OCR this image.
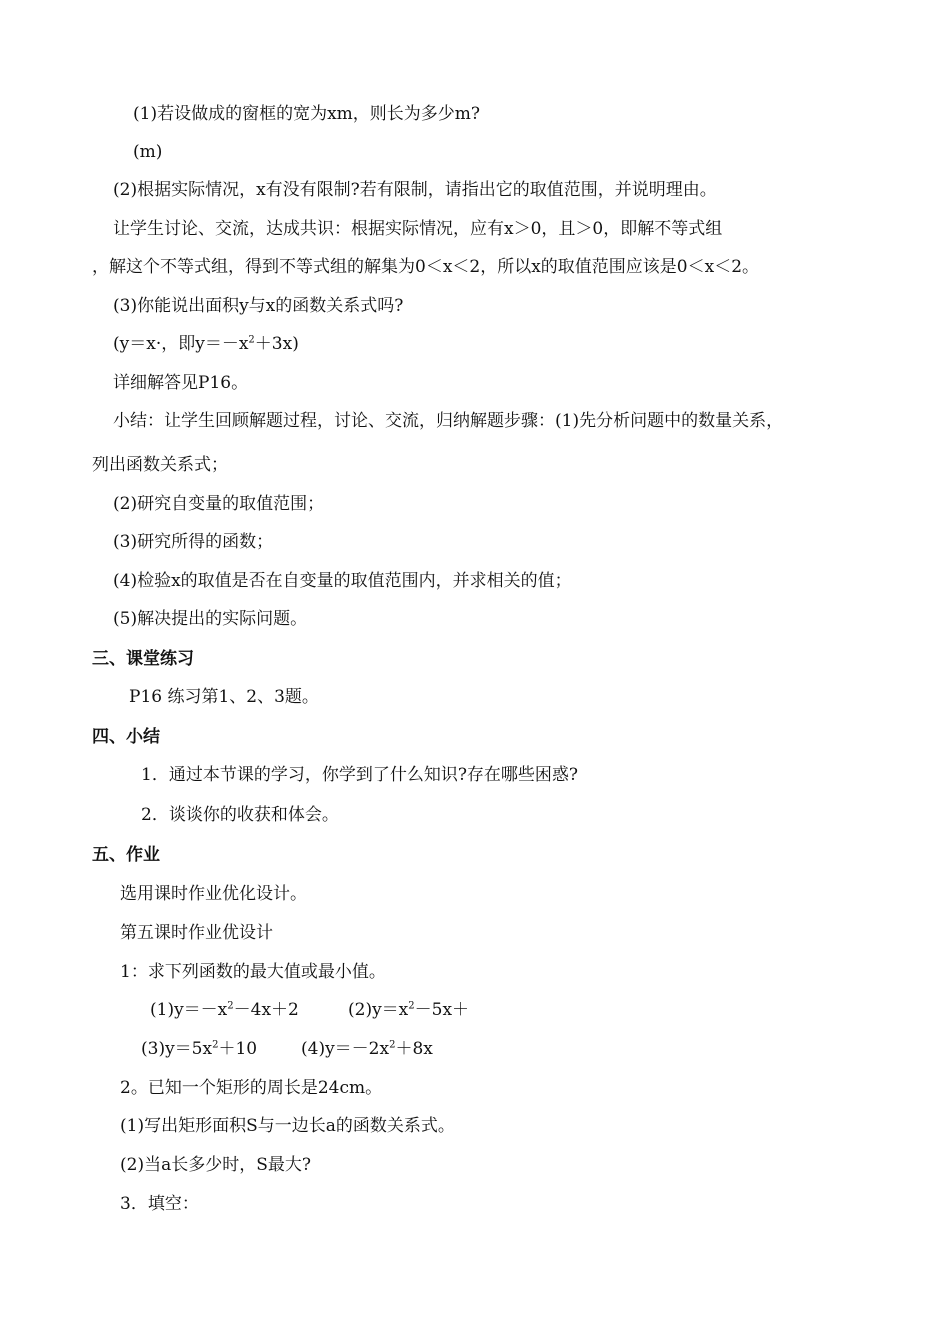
(1)若设做成的窗框的宽为xm，则长为多少m?
(m)
(2)根据实际情况，x有没有限制?若有限制，请指出它的取值范围，并说明理由。
让学生讨论、交流，达成共识：根据实际情况，应有x＞0，且＞0，即解不等式组
，解这个不等式组，得到不等式组的解集为0＜x＜2，所以x的取值范围应该是0＜x＜2。
(3)你能说出面积y与x的函数关系式吗?
(y＝x·，即$y=-x^2+3x$)
详细解答见P16。
小结：让学生回顾解题过程，讨论、交流，归纳解题步骤：(1)先分析问题中的数量关系，
列出函数关系式；
(2)研究自变量的取值范围；
(3)研究所得的函数；
(4)检验x的取值是否在自变量的取值范围内，并求相关的值；
(5)解决提出的实际问题。
三、课堂练习
P16 练习第1、2、3题。
四、小结
1．通过本节课的学习，你学到了什么知识?存在哪些困惑?
2．谈谈你的收获和体会。
五、作业
选用课时作业优化设计。
第五课时作业优设计
1：求下列函数的最大值或最小值。
$(1)y=-x^2-4x+2$	$(2)y=x^2-5x+$
$(3)y=5x^2+10$	$(4)y=-2x^2+8x$
2。已知一个矩形的周长是24cm。
(1)写出矩形面积S与一边长a的函数关系式。
(2)当a长多少时，S最大?
3．填空：
